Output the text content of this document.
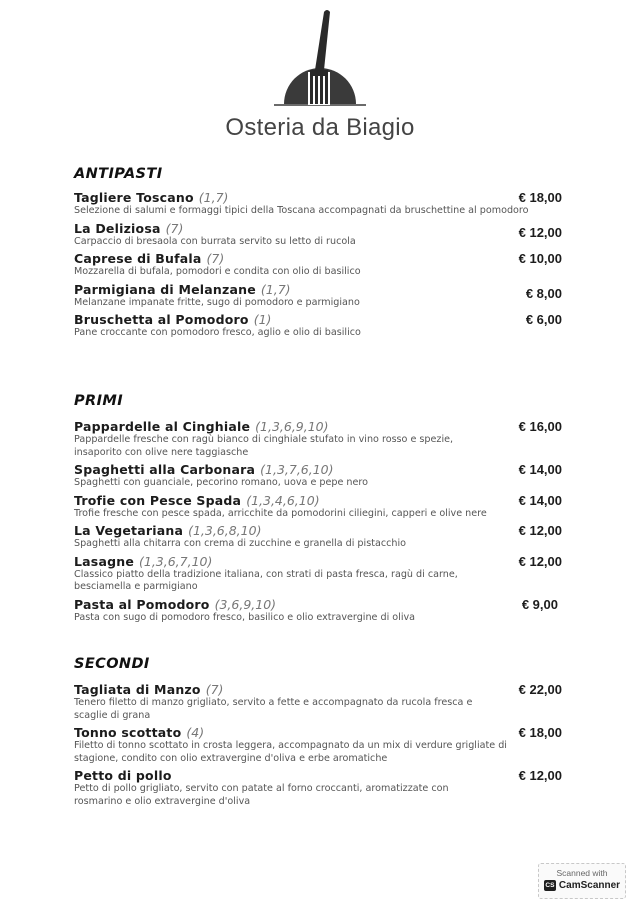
Osteria da Biagio
ANTIPASTI
Tagliere Toscano (1,7)	€ 18,00
Selezione di salumi e formaggi tipici della Toscana accompagnati da bruschettine al pomodoro
La Deliziosa (7)	€ 12,00
Carpaccio di bresaola con burrata servito su letto di rucola
Caprese di Bufala (7)	€ 10,00
Mozzarella di bufala, pomodori e condita con olio di basilico
Parmigiana di Melanzane (1,7)	€ 8,00
Melanzane impanate fritte, sugo di pomodoro e parmigiano
Bruschetta al Pomodoro (1)	€ 6,00
Pane croccante con pomodoro fresco, aglio e olio di basilico
PRIMI
Pappardelle al Cinghiale (1,3,6,9,10)	€ 16,00
Pappardelle fresche con ragù bianco di cinghiale stufato in vino rosso e spezie, insaporito con olive nere taggiasche
Spaghetti alla Carbonara (1,3,7,6,10)	€ 14,00
Spaghetti con guanciale, pecorino romano, uova e pepe nero
Trofie con Pesce Spada (1,3,4,6,10)	€ 14,00
Trofie fresche con pesce spada, arricchite da pomodorini ciliegini, capperi e olive nere
La Vegetariana (1,3,6,8,10)	€ 12,00
Spaghetti alla chitarra con crema di zucchine e granella di pistacchio
Lasagne (1,3,6,7,10)	€ 12,00
Classico piatto della tradizione italiana, con strati di pasta fresca, ragù di carne, besciamella e parmigiano
Pasta al Pomodoro (3,6,9,10)	€ 9,00
Pasta con sugo di pomodoro fresco, basilico e olio extravergine di oliva
SECONDI
Tagliata di Manzo (7)	€ 22,00
Tenero filetto di manzo grigliato, servito a fette e accompagnato da rucola fresca e scaglie di grana
Tonno scottato (4)	€ 18,00
Filetto di tonno scottato in crosta leggera, accompagnato da un mix di verdure grigliate di stagione, condito con olio extravergine d'oliva e erbe aromatiche
Petto di pollo	€ 12,00
Petto di pollo grigliato, servito con patate al forno croccanti, aromatizzate con rosmarino e olio extravergine d'oliva
Scanned with
CS CamScanner
